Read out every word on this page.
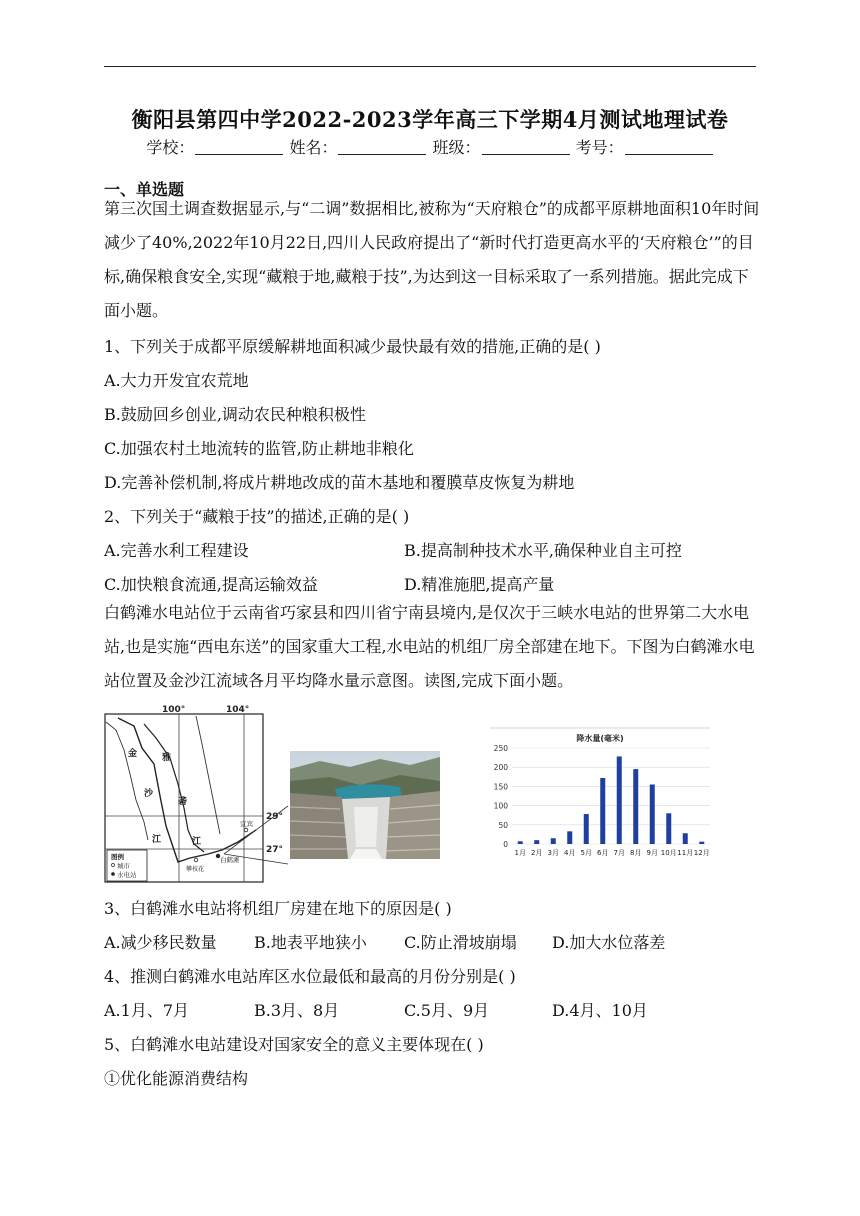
衡阳县第四中学2022-2023学年高三下学期4月测试地理试卷
学校：	姓名：	班级：	考号：
一、单选题

第三次国土调查数据显示,与“二调”数据相比,被称为“天府粮仓”的成都平原耕地面积10年时间减少了40%,2022年10月22日,四川人民政府提出了“新时代打造更高水平的‘天府粮仓’”的目标,确保粮食安全,实现“藏粮于地,藏粮于技”,为达到这一目标采取了一系列措施。据此完成下面小题。

1、下列关于成都平原缓解耕地面积减少最快最有效的措施,正确的是( )

A.大力开发宜农荒地

B.鼓励回乡创业,调动农民种粮积极性

C.加强农村土地流转的监管,防止耕地非粮化

D.完善补偿机制,将成片耕地改成的苗木基地和覆膜草皮恢复为耕地

2、下列关于“藏粮于技”的描述,正确的是( )

A.完善水利工程建设	B.提高制种技术水平,确保种业自主可控

C.加快粮食流通,提高运输效益	D.精准施肥,提高产量

白鹤滩水电站位于云南省巧家县和四川省宁南县境内,是仅次于三峡水电站的世界第二大水电站,也是实施“西电东送”的国家重大工程,水电站的机组厂房全部建在地下。下图为白鹤滩水电站位置及金沙江流域各月平均降水量示意图。读图,完成下面小题。

100°	104°
29°
27°
金
沙
江
雅
砻
江
宜宾
攀枝花
白鹤滩
图例
城市
水电站
降水量(毫米)
0
50
100
150
200
250
1月 2月 3月 4月 5月 6月 7月 8月 9月 10月 11月 12月

3、白鹤滩水电站将机组厂房建在地下的原因是( )

A.减少移民数量 B.地表平地狭小 C.防止滑坡崩塌 D.加大水位落差

4、推测白鹤滩水电站库区水位最低和最高的月份分别是( )

A.1月、7月	B.3月、8月	C.5月、9月	D.4月、10月

5、白鹤滩水电站建设对国家安全的意义主要体现在( )

①优化能源消费结构
